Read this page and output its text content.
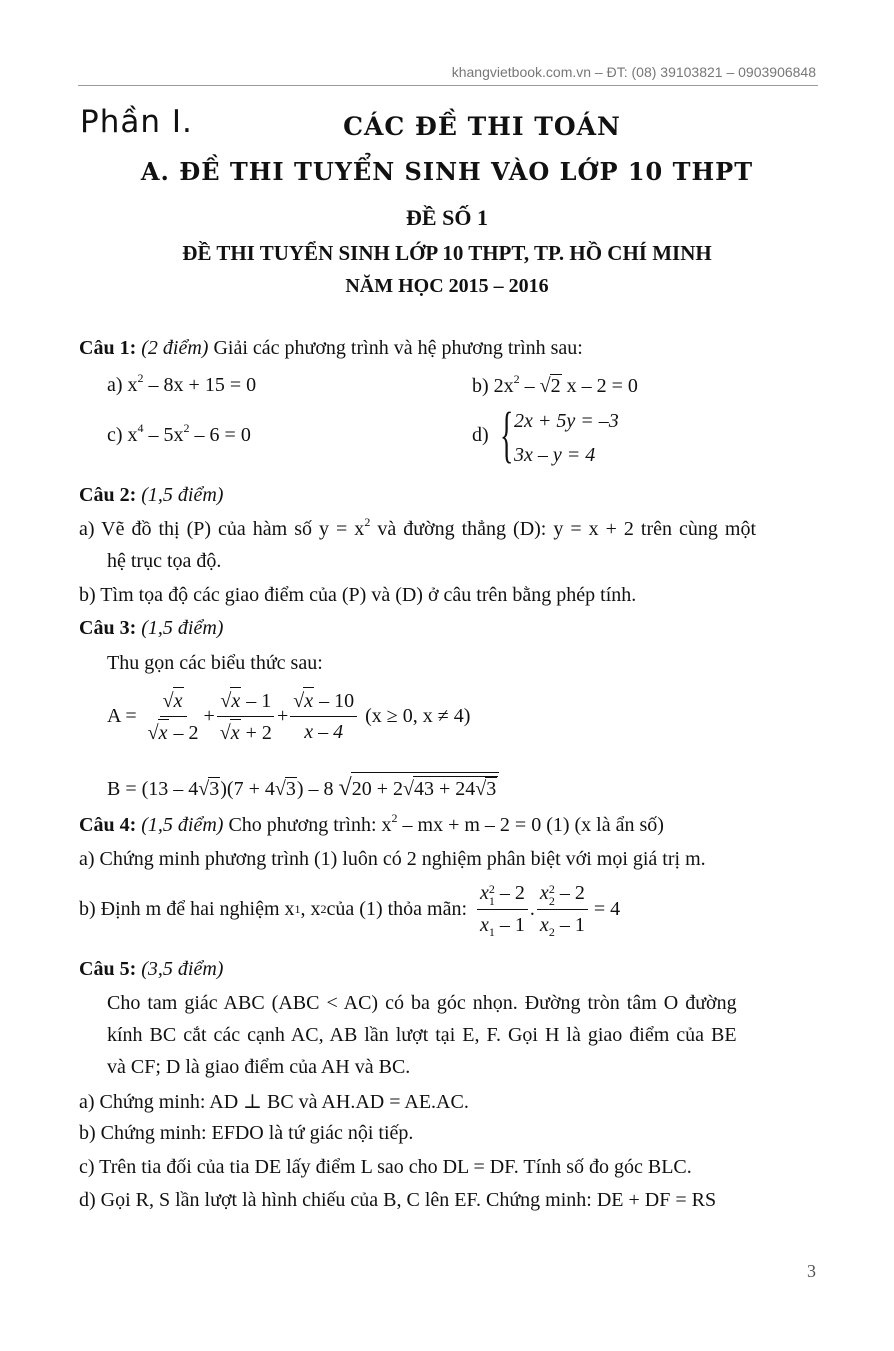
khangvietbook.com.vn – ĐT: (08) 39103821 – 0903906848
Phần I.	CÁC ĐỀ THI TOÁN
A. ĐỀ THI TUYỂN SINH VÀO LỚP 10 THPT
ĐỀ SỐ 1
ĐỀ THI TUYỂN SINH LỚP 10 THPT, TP. HỒ CHÍ MINH
NĂM HỌC 2015 – 2016
Câu 1: (2 điểm) Giải các phương trình và hệ phương trình sau:
a) $x^2 - 8x + 15 = 0$	b) $2x^2 - √2$ x – 2 = 0
c) $x^4 - 5x^2 - 6 = 0$	d) { 2x + 5y = –3
3x – y = 4
Câu 2: (1,5 điểm)
a) Vẽ đồ thị (P) của hàm số $y = x^2$ và đường thẳng (D): y = x + 2 trên cùng một
hệ trục tọa độ.
b) Tìm tọa độ các giao điểm của (P) và (D) ở câu trên bằng phép tính.
Câu 3: (1,5 điểm)
Thu gọn các biểu thức sau:
$A = \frac{√x}{√x - 2} + \frac{√x - 1}{√x + 2} + \frac{√x - 10}{x - 4} (x \ge 0$, x ≠ 4)
B = (13 – 4√3)(7 + 4√3) – 8 √20 + 2√43 + 24√3
Câu 4: (1,5 điểm) Cho phương trình: $x^2$ – mx + m – 2 = 0 (1) (x là ẩn số)
a) Chứng minh phương trình (1) luôn có 2 nghiệm phân biệt với mọi giá trị m.
b) Định m để hai nghiệm x 1 , x 2 của (1) thỏa mãn: x 2
1 – 2
$x_1 - 1$ . x 2
2 – 2
$x_2 - 1 = 4$
Câu 5: (3,5 điểm)
Cho tam giác ABC (ABC < AC) có ba góc nhọn. Đường tròn tâm O đường
kính BC cắt các cạnh AC, AB lần lượt tại E, F. Gọi H là giao điểm của BE
và CF; D là giao điểm của AH và BC.
a) Chứng minh: AD ⊥ BC và AH.AD = AE.AC.
b) Chứng minh: EFDO là tứ giác nội tiếp.
c) Trên tia đối của tia DE lấy điểm L sao cho DL = DF. Tính số đo góc BLC.
d) Gọi R, S lần lượt là hình chiếu của B, C lên EF. Chứng minh: DE + DF = RS
3
